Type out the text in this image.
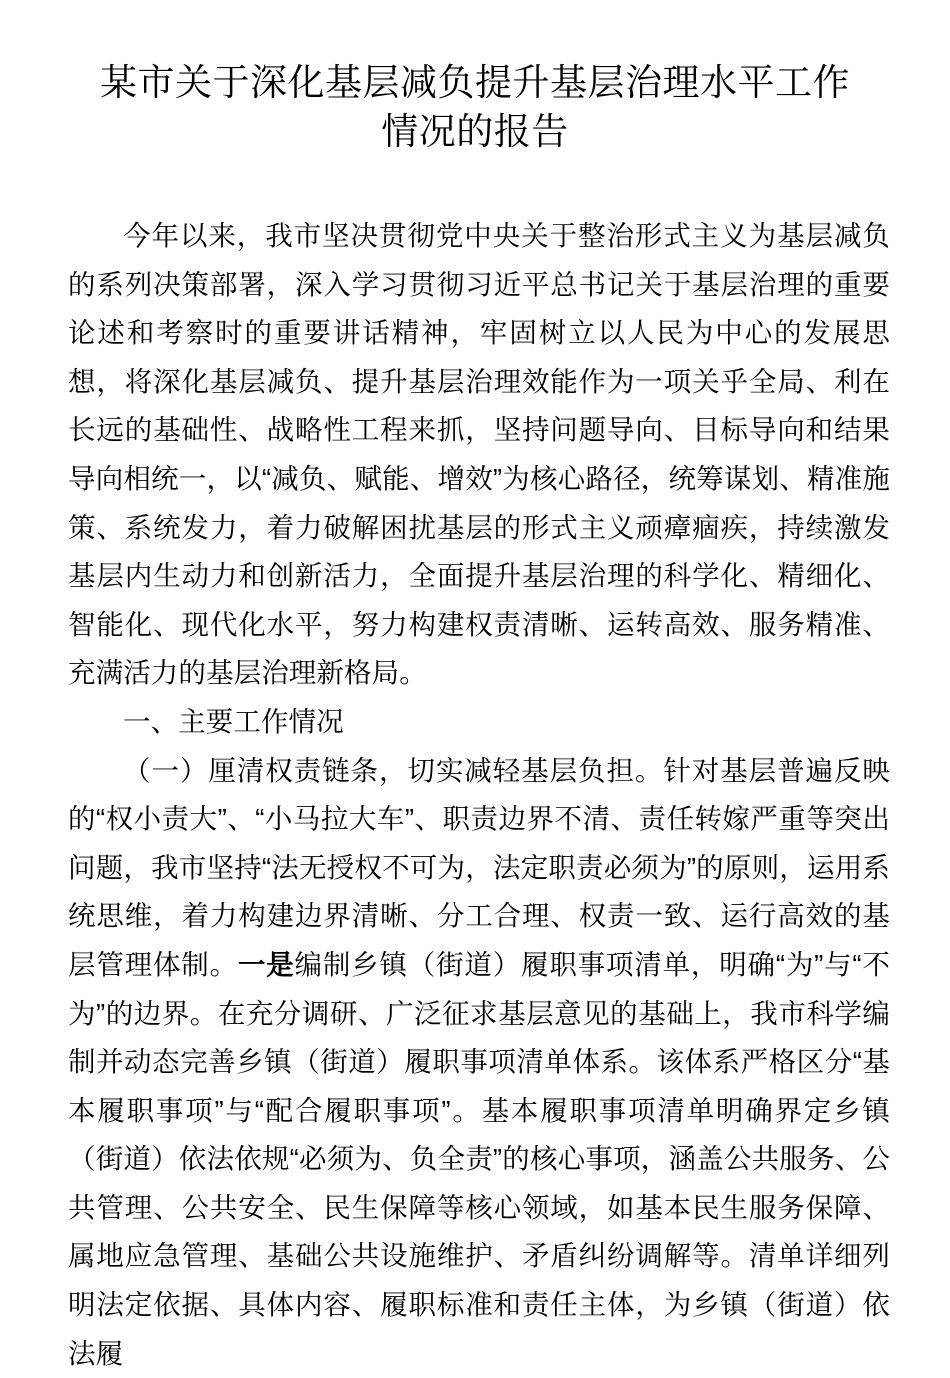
某市关于深化基层减负提升基层治理水平工作情况的报告

今年以来，我市坚决贯彻党中央关于整治形式主义为基层减负的系列决策部署，深入学习贯彻习近平总书记关于基层治理的重要论述和考察时的重要讲话精神，牢固树立以人民为中心的发展思想，将深化基层减负、提升基层治理效能作为一项关乎全局、利在长远的基础性、战略性工程来抓，坚持问题导向、目标导向和结果导向相统一，以“减负、赋能、增效”为核心路径，统筹谋划、精准施策、系统发力，着力破解困扰基层的形式主义顽瘴痼疾，持续激发基层内生动力和创新活力，全面提升基层治理的科学化、精细化、智能化、现代化水平，努力构建权责清晰、运转高效、服务精准、充满活力的基层治理新格局。

一、主要工作情况

（一）厘清权责链条，切实减轻基层负担。针对基层普遍反映的“权小责大”、“小马拉大车”、职责边界不清、责任转嫁严重等突出问题，我市坚持“法无授权不可为，法定职责必须为”的原则，运用系统思维，着力构建边界清晰、分工合理、权责一致、运行高效的基层管理体制。一是编制乡镇（街道）履职事项清单，明确“为”与“不为”的边界。在充分调研、广泛征求基层意见的基础上，我市科学编制并动态完善乡镇（街道）履职事项清单体系。该体系严格区分“基本履职事项”与“配合履职事项”。基本履职事项清单明确界定乡镇（街道）依法依规“必须为、负全责”的核心事项，涵盖公共服务、公共管理、公共安全、民生保障等核心领域，如基本民生服务保障、属地应急管理、基础公共设施维护、矛盾纠纷调解等。清单详细列明法定依据、具体内容、履职标准和责任主体，为乡镇（街道）依法履
